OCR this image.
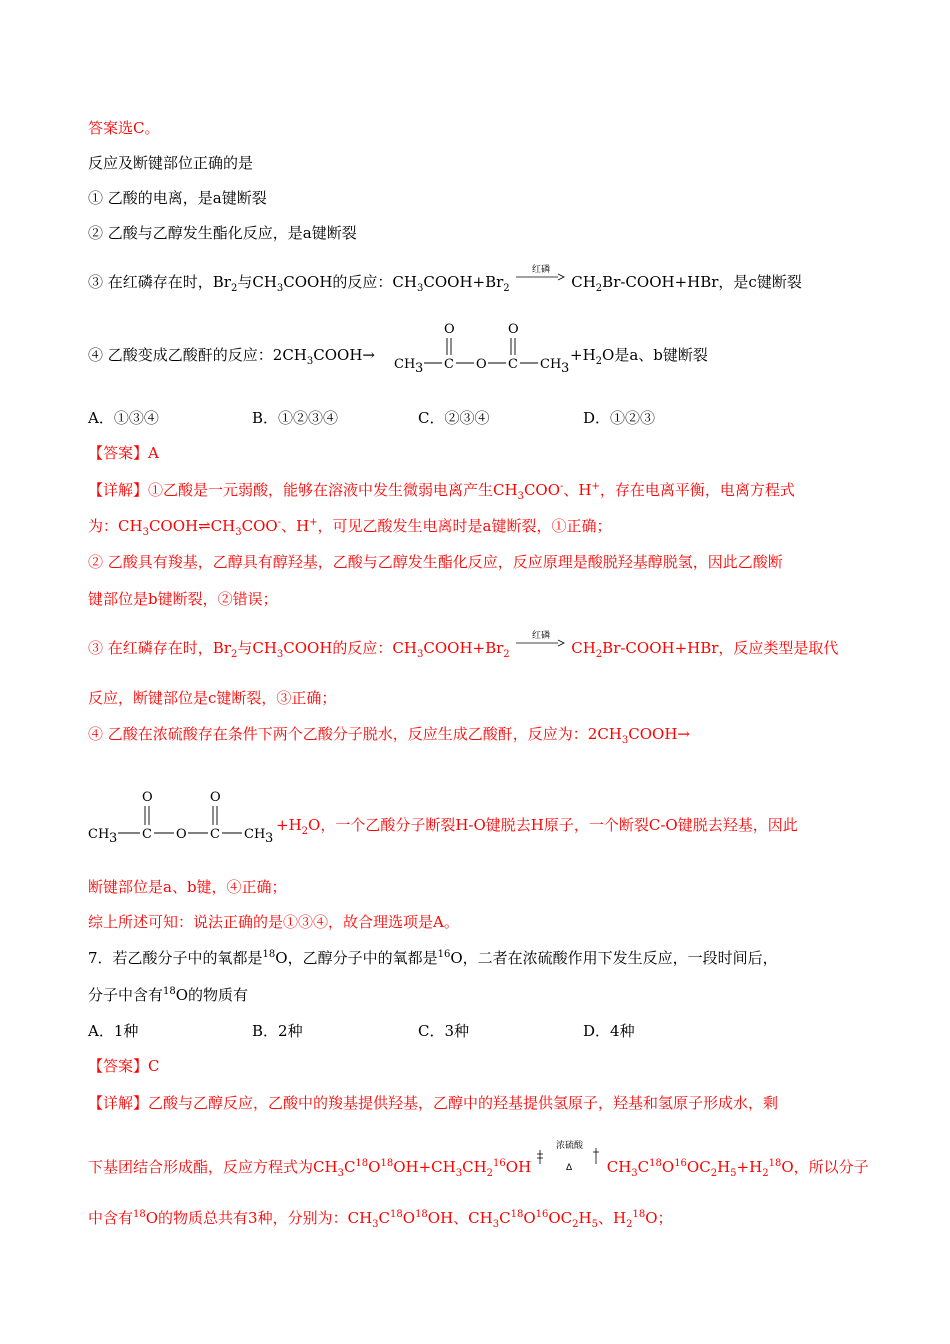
答案选C。
反应及断键部位正确的是
① 乙酸的电离，是a键断裂
② 乙酸与乙醇发生酯化反应，是a键断裂
③ 在红磷存在时，$Br_2$与$CH_3COOH$的反应：$CH_3COOH+Br_2$
红磷
$CH_2Br-COOH+HBr$，是c键断裂
④ 乙酸变成乙酸酐的反应：$2CH_3COOH\to$
CH 3 C
O
O C
O
CH 3
$+H_2O$是a、b键断裂
A．①③④	B．①②③④	C．②③④	D．①②③
【答案】A
【详解】①乙酸是一元弱酸，能够在溶液中发生微弱电离产生$CH_3COO^-$、H+，存在电离平衡，电离方程式
为：$CH_3COOH\rightleftharpoons CH_3COO^-$、H+，可见乙酸发生电离时是a键断裂，①正确；
② 乙酸具有羧基，乙醇具有醇羟基，乙酸与乙醇发生酯化反应，反应原理是酸脱羟基醇脱氢，因此乙酸断
键部位是b键断裂，②错误；
③ 在红磷存在时，$Br_2$与$CH_3COOH$的反应：$CH_3COOH+Br_2$
红磷
$CH_2Br-COOH+HBr$，反应类型是取代
反应，断键部位是c键断裂，③正确；
④ 乙酸在浓硫酸存在条件下两个乙酸分子脱水，反应生成乙酸酐，反应为：$2CH_3COOH\to$
CH 3 C
O
O C
O
CH 3
$+H_2O$，一个乙酸分子断裂H-O键脱去H原子，一个断裂C-O键脱去羟基，因此
断键部位是a、b键，④正确；
综上所述可知：说法正确的是①③④，故合理选项是A。
7．若乙酸分子中的氧都是$^{18}$O，乙醇分子中的氧都是$^{16}$O，二者在浓硫酸作用下发生反应，一段时间后，
分子中含有$^{18}$O的物质有
A．1种	B．2种	C．3种	D．4种
【答案】C
【详解】乙酸与乙醇反应，乙酸中的羧基提供羟基，乙醇中的羟基提供氢原子，羟基和氢原子形成水，剩
下基团结合形成酯，反应方程式为$CH_3C^{18}O^{18}OH+CH_3CH_2^{16}OH$
浓硫酸
Δ $CH_3C^{18}O^{16}OC_2H_5+H_2^{18}O$，所以分子
中含有$^{18}$O的物质总共有3种，分别为：$CH_3C^{18}O^{18}OH$、$CH_3C^{18}O^{16}OC_2H_5$、$H_2^{18}O$；
